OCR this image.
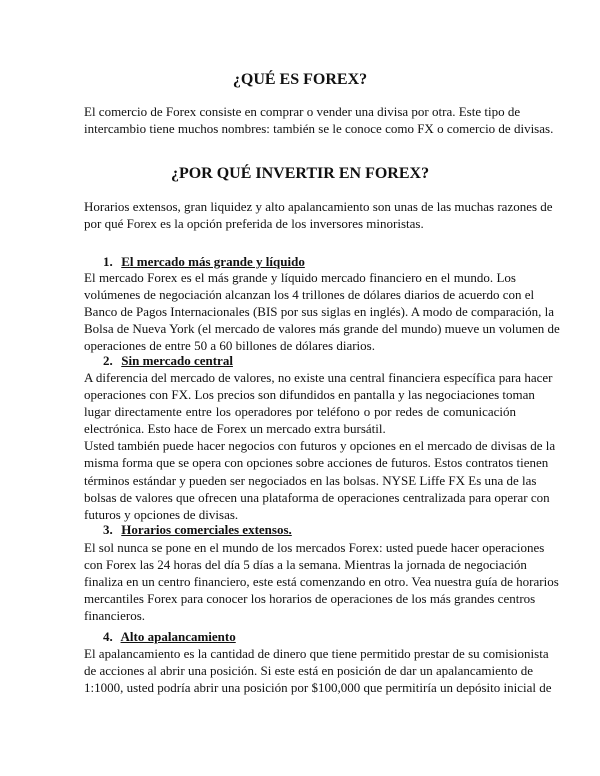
¿QUÉ ES FOREX?
El comercio de Forex consiste en comprar o vender una divisa por otra. Este tipo de
intercambio tiene muchos nombres: también se le conoce como FX o comercio de divisas.
¿POR QUÉ INVERTIR EN FOREX?
Horarios extensos, gran liquidez y alto apalancamiento son unas de las muchas razones de
por qué Forex es la opción preferida de los inversores minoristas.
1. El mercado más grande y líquido
El mercado Forex es el más grande y líquido mercado financiero en el mundo. Los
volúmenes de negociación alcanzan los 4 trillones de dólares diarios de acuerdo con el
Banco de Pagos Internacionales (BIS por sus siglas en inglés). A modo de comparación, la
Bolsa de Nueva York (el mercado de valores más grande del mundo) mueve un volumen de
operaciones de entre 50 a 60 billones de dólares diarios.
2. Sin mercado central
A diferencia del mercado de valores, no existe una central financiera específica para hacer
operaciones con FX. Los precios son difundidos en pantalla y las negociaciones toman
lugar directamente entre los operadores por teléfono o por redes de comunicación
electrónica. Esto hace de Forex un mercado extra bursátil.
Usted también puede hacer negocios con futuros y opciones en el mercado de divisas de la
misma forma que se opera con opciones sobre acciones de futuros. Estos contratos tienen
términos estándar y pueden ser negociados en las bolsas. NYSE Liffe FX Es una de las
bolsas de valores que ofrecen una plataforma de operaciones centralizada para operar con
futuros y opciones de divisas.
3. Horarios comerciales extensos.
El sol nunca se pone en el mundo de los mercados Forex: usted puede hacer operaciones
con Forex las 24 horas del día 5 días a la semana. Mientras la jornada de negociación
finaliza en un centro financiero, este está comenzando en otro. Vea nuestra guía de horarios
mercantiles Forex para conocer los horarios de operaciones de los más grandes centros
financieros.
4. Alto apalancamiento
El apalancamiento es la cantidad de dinero que tiene permitido prestar de su comisionista
de acciones al abrir una posición. Si este está en posición de dar un apalancamiento de
1:1000, usted podría abrir una posición por $100,000 que permitiría un depósito inicial de
